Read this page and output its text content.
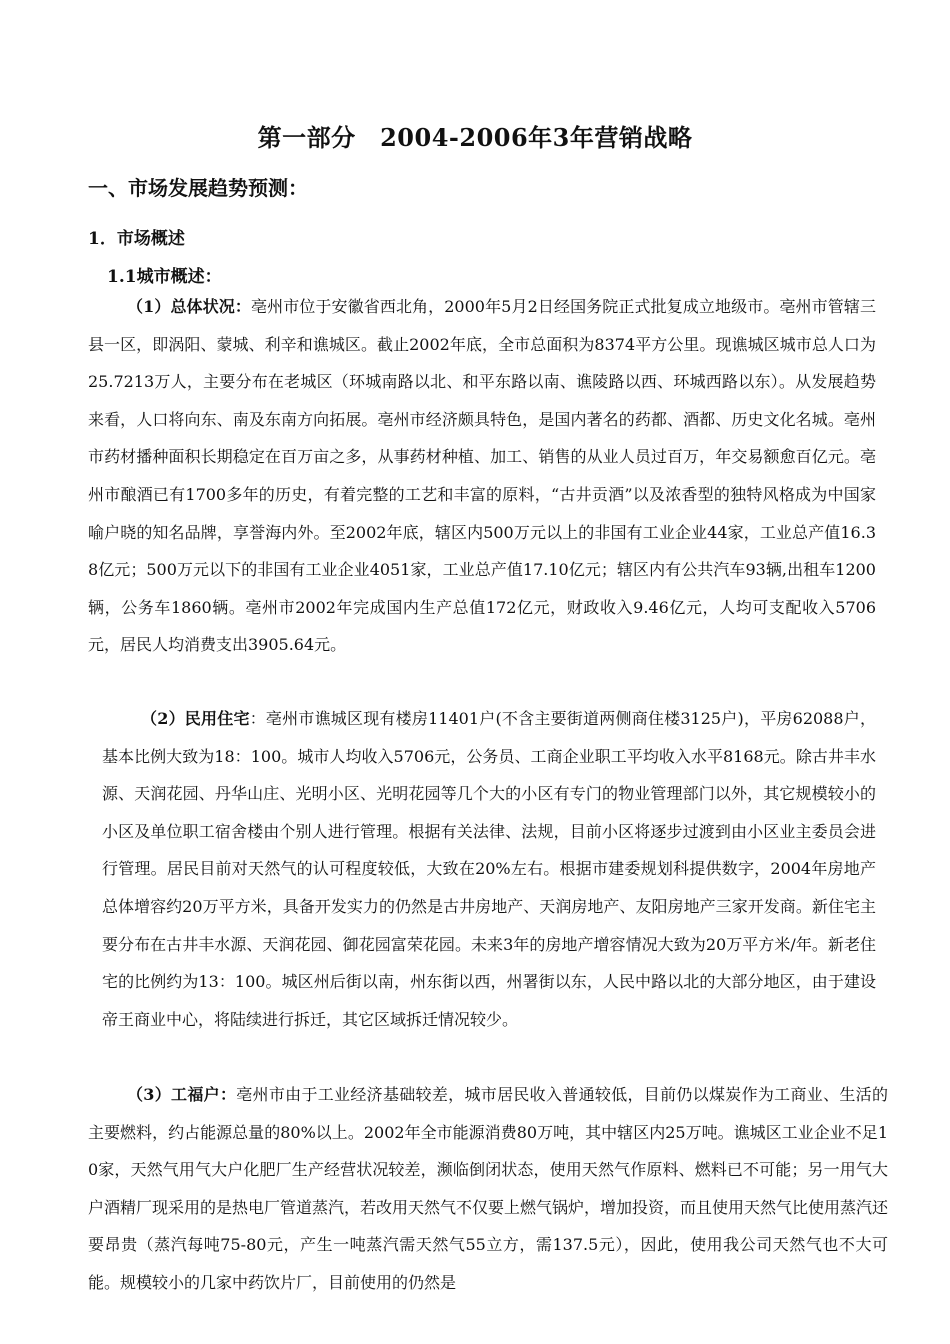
第一部分　2004-2006年3年营销战略
一、市场发展趋势预测：
1．市场概述
1.1城市概述：

（1）总体状况：亳州市位于安徽省西北角，2000年5月2日经国务院正式批复成立地级市。亳州市管辖三县一区，即涡阳、蒙城、利辛和谯城区。截止2002年底，全市总面积为8374平方公里。现谯城区城市总人口为25.7213万人，主要分布在老城区（环城南路以北、和平东路以南、谯陵路以西、环城西路以东）。从发展趋势来看，人口将向东、南及东南方向拓展。亳州市经济颇具特色，是国内著名的药都、酒都、历史文化名城。亳州市药材播种面积长期稳定在百万亩之多，从事药材种植、加工、销售的从业人员过百万，年交易额愈百亿元。亳州市酿酒已有1700多年的历史，有着完整的工艺和丰富的原料，“古井贡酒”以及浓香型的独特风格成为中国家喻户晓的知名品牌，享誉海内外。至2002年底，辖区内500万元以上的非国有工业企业44家，工业总产值16.38亿元；500万元以下的非国有工业企业4051家，工业总产值17.10亿元；辖区内有公共汽车93辆,出租车1200辆，公务车1860辆。亳州市2002年完成国内生产总值172亿元，财政收入9.46亿元，人均可支配收入5706元，居民人均消费支出3905.64元。

（2）民用住宅：亳州市谯城区现有楼房11401户(不含主要街道两侧商住楼3125户)，平房62088户，基本比例大致为18：100。城市人均收入5706元，公务员、工商企业职工平均收入水平8168元。除古井丰水源、天润花园、丹华山庄、光明小区、光明花园等几个大的小区有专门的物业管理部门以外，其它规模较小的小区及单位职工宿舍楼由个别人进行管理。根据有关法律、法规，目前小区将逐步过渡到由小区业主委员会进行管理。居民目前对天然气的认可程度较低，大致在20%左右。根据市建委规划科提供数字，2004年房地产总体增容约20万平方米，具备开发实力的仍然是古井房地产、天润房地产、友阳房地产三家开发商。新住宅主要分布在古井丰水源、天润花园、御花园富荣花园。未来3年的房地产增容情况大致为20万平方米/年。新老住宅的比例约为13：100。城区州后街以南，州东街以西，州署街以东，人民中路以北的大部分地区，由于建设帝王商业中心，将陆续进行拆迁，其它区域拆迁情况较少。

（3）工福户：亳州市由于工业经济基础较差，城市居民收入普通较低，目前仍以煤炭作为工商业、生活的主要燃料，约占能源总量的80%以上。2002年全市能源消费80万吨，其中辖区内25万吨。谯城区工业企业不足10家，天然气用气大户化肥厂生产经营状况较差，濒临倒闭状态，使用天然气作原料、燃料已不可能；另一用气大户酒精厂现采用的是热电厂管道蒸汽，若改用天然气不仅要上燃气锅炉，增加投资，而且使用天然气比使用蒸汽还要昂贵（蒸汽每吨75-80元，产生一吨蒸汽需天然气55立方，需137.5元），因此，使用我公司天然气也不大可能。规模较小的几家中药饮片厂，目前使用的仍然是
